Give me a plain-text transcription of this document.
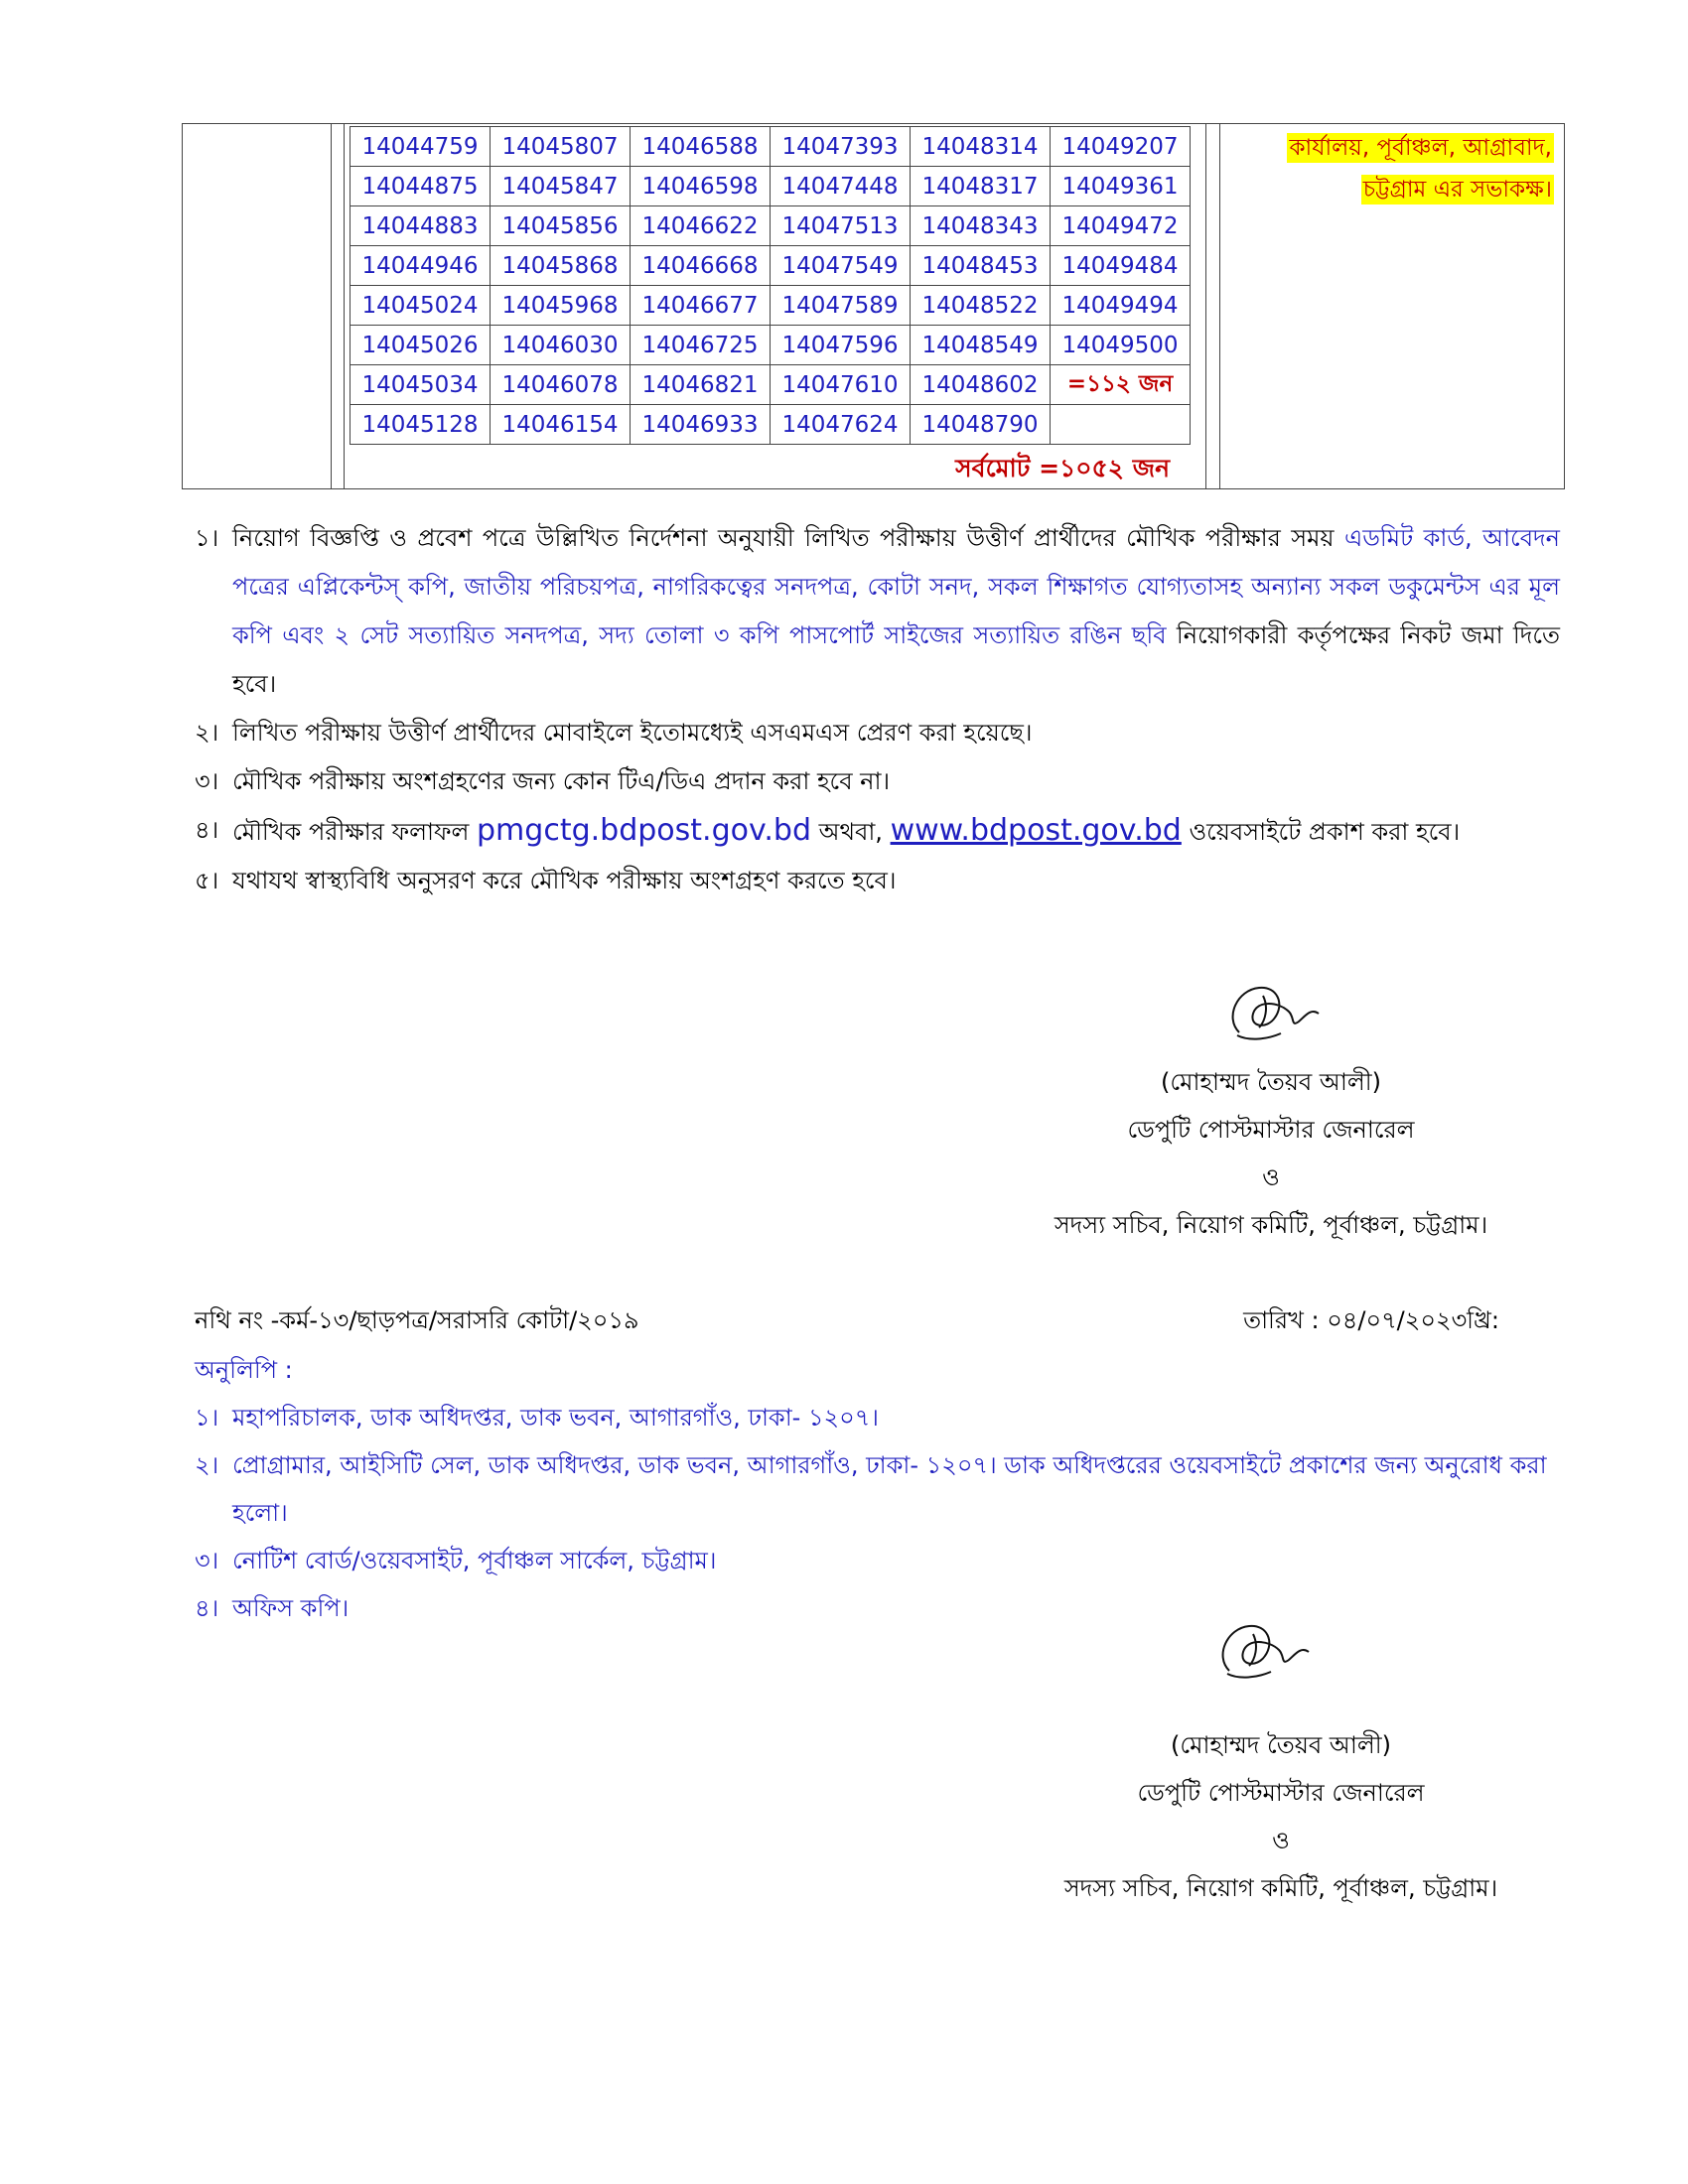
14044759	14045807	14046588	14047393	14048314	14049207
14044875	14045847	14046598	14047448	14048317	14049361
14044883	14045856	14046622	14047513	14048343	14049472
14044946	14045868	14046668	14047549	14048453	14049484
14045024	14045968	14046677	14047589	14048522	14049494
14045026	14046030	14046725	14047596	14048549	14049500
14045034	14046078	14046821	14047610	14048602	=১১২ জন
14045128	14046154	14046933	14047624	14048790	
সর্বমোট =১০৫২ জন
কার্যালয়, পূর্বাঞ্চল, আগ্রাবাদ,
চট্টগ্রাম এর সভাকক্ষ।
১। নিয়োগ বিজ্ঞপ্তি ও প্রবেশ পত্রে উল্লিখিত নির্দেশনা অনুযায়ী লিখিত পরীক্ষায় উত্তীর্ণ প্রার্থীদের মৌখিক পরীক্ষার সময় এডমিট কার্ড, আবেদন পত্রের এপ্লিকেন্টস্ কপি, জাতীয় পরিচয়পত্র, নাগরিকত্বের সনদপত্র, কোটা সনদ, সকল শিক্ষাগত যোগ্যতাসহ অন্যান্য সকল ডকুমেন্টস এর মূল কপি এবং ২ সেট সত্যায়িত সনদপত্র, সদ্য তোলা ৩ কপি পাসপোর্ট সাইজের সত্যায়িত রঙিন ছবি নিয়োগকারী কর্তৃপক্ষের নিকট জমা দিতে হবে।
২। লিখিত পরীক্ষায় উত্তীর্ণ প্রার্থীদের মোবাইলে ইতোমধ্যেই এসএমএস প্রেরণ করা হয়েছে।
৩। মৌখিক পরীক্ষায় অংশগ্রহণের জন্য কোন টিএ/ডিএ প্রদান করা হবে না।
৪। মৌখিক পরীক্ষার ফলাফল pmgctg.bdpost.gov.bd অথবা, www.bdpost.gov.bd ওয়েবসাইটে প্রকাশ করা হবে।
৫। যথাযথ স্বাস্থ্যবিধি অনুসরণ করে মৌখিক পরীক্ষায় অংশগ্রহণ করতে হবে।
(মোহাম্মদ তৈয়ব আলী)
ডেপুটি পোস্টমাস্টার জেনারেল
ও
সদস্য সচিব, নিয়োগ কমিটি, পূর্বাঞ্চল, চট্টগ্রাম।
নথি নং -কর্ম-১৩/ছাড়পত্র/সরাসরি কোটা/২০১৯	তারিখ : ০৪/০৭/২০২৩খ্রি:
অনুলিপি :
১। মহাপরিচালক, ডাক অধিদপ্তর, ডাক ভবন, আগারগাঁও, ঢাকা- ১২০৭।
২। প্রোগ্রামার, আইসিটি সেল, ডাক অধিদপ্তর, ডাক ভবন, আগারগাঁও, ঢাকা- ১২০৭। ডাক অধিদপ্তরের ওয়েবসাইটে প্রকাশের জন্য অনুরোধ করা হলো।
৩। নোটিশ বোর্ড/ওয়েবসাইট, পূর্বাঞ্চল সার্কেল, চট্টগ্রাম।
৪। অফিস কপি।
(মোহাম্মদ তৈয়ব আলী)
ডেপুটি পোস্টমাস্টার জেনারেল
ও
সদস্য সচিব, নিয়োগ কমিটি, পূর্বাঞ্চল, চট্টগ্রাম।
